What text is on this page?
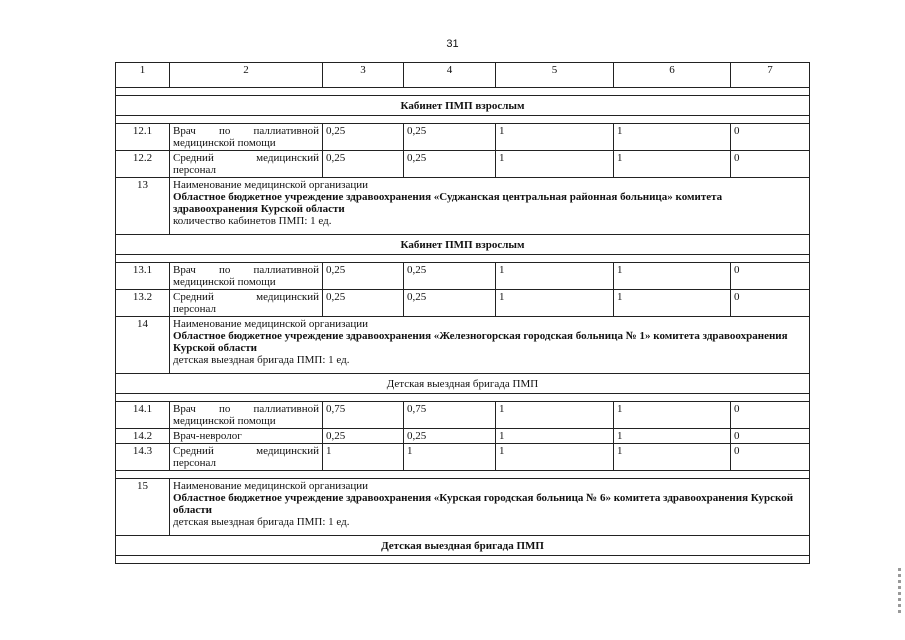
31
1	2	3	4	5	6	7

Кабинет ПМП взрослым						

12.1	Врач по паллиативной
медицинской помощи	0,25	0,25	1	1	0
12.2	Средний медицинский
персонал	0,25	0,25	1	1	0
13	Наименование медицинской организации
Областное бюджетное учреждение здравоохранения «Суджанская центральная районная больница» комитета здравоохранения Курской области
количество кабинетов ПМП: 1 ед.					

Кабинет ПМП взрослым						

13.1	Врач по паллиативной
медицинской помощи	0,25	0,25	1	1	0
13.2	Средний медицинский
персонал	0,25	0,25	1	1	0
14	Наименование медицинской организации
Областное бюджетное учреждение здравоохранения «Железногорская городская больница № 1» комитета здравоохранения Курской области
детская выездная бригада ПМП: 1 ед.					

Детская выездная бригада ПМП						

14.1	Врач по паллиативной
медицинской помощи	0,75	0,75	1	1	0
14.2	Врач-невролог	0,25	0,25	1	1	0
14.3	Средний медицинский
персонал	1	1	1	1	0

15	Наименование медицинской организации
Областное бюджетное учреждение здравоохранения «Курская городская больница № 6» комитета здравоохранения Курской области
детская выездная бригада ПМП: 1 ед.					

Детская выездная бригада ПМП						
